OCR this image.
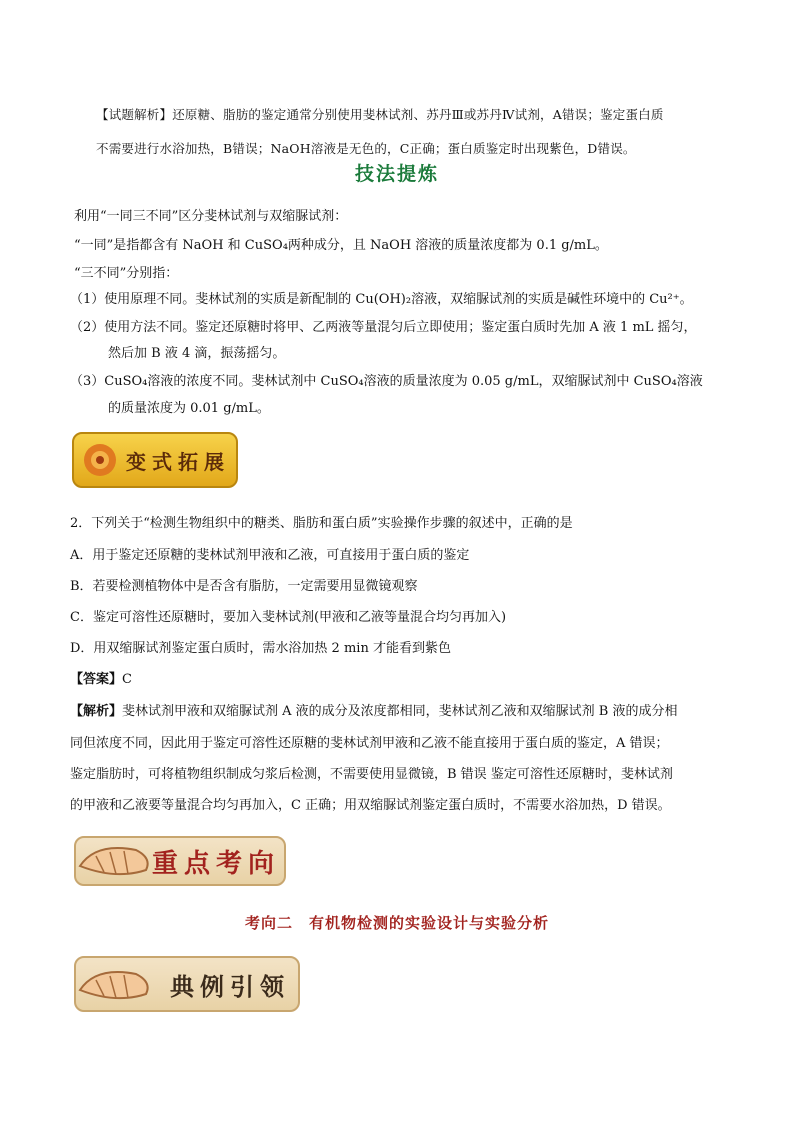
【试题解析】还原糖、脂肪的鉴定通常分别使用斐林试剂、苏丹Ⅲ或苏丹Ⅳ试剂，A错误；鉴定蛋白质

不需要进行水浴加热，B错误；NaOH溶液是无色的，C正确；蛋白质鉴定时出现紫色，D错误。

技法提炼
利用“一同三不同”区分斐林试剂与双缩脲试剂：
“一同”是指都含有 NaOH 和 CuSO₄两种成分，且 NaOH 溶液的质量浓度都为 0.1 g/mL。
“三不同”分别指：
（1）使用原理不同。斐林试剂的实质是新配制的 Cu(OH)₂溶液，双缩脲试剂的实质是碱性环境中的 Cu²⁺。
（2）使用方法不同。鉴定还原糖时将甲、乙两液等量混匀后立即使用；鉴定蛋白质时先加 A 液 1 mL 摇匀，
然后加 B 液 4 滴，振荡摇匀。
（3）CuSO₄溶液的浓度不同。斐林试剂中 CuSO₄溶液的质量浓度为 0.05 g/mL，双缩脲试剂中 CuSO₄溶液
的质量浓度为 0.01 g/mL。
变式拓展
2．下列关于“检测生物组织中的糖类、脂肪和蛋白质”实验操作步骤的叙述中，正确的是
A．用于鉴定还原糖的斐林试剂甲液和乙液，可直接用于蛋白质的鉴定
B．若要检测植物体中是否含有脂肪，一定需要用显微镜观察
C．鉴定可溶性还原糖时，要加入斐林试剂(甲液和乙液等量混合均匀再加入)
D．用双缩脲试剂鉴定蛋白质时，需水浴加热 2 min 才能看到紫色
【答案】C
【解析】斐林试剂甲液和双缩脲试剂 A 液的成分及浓度都相同，斐林试剂乙液和双缩脲试剂 B 液的成分相
同但浓度不同，因此用于鉴定可溶性还原糖的斐林试剂甲液和乙液不能直接用于蛋白质的鉴定，A 错误；
鉴定脂肪时，可将植物组织制成匀浆后检测，不需要使用显微镜，B 错误 鉴定可溶性还原糖时，斐林试剂
的甲液和乙液要等量混合均匀再加入，C 正确；用双缩脲试剂鉴定蛋白质时，不需要水浴加热，D 错误。
重点考向
考向二　有机物检测的实验设计与实验分析
典例引领
